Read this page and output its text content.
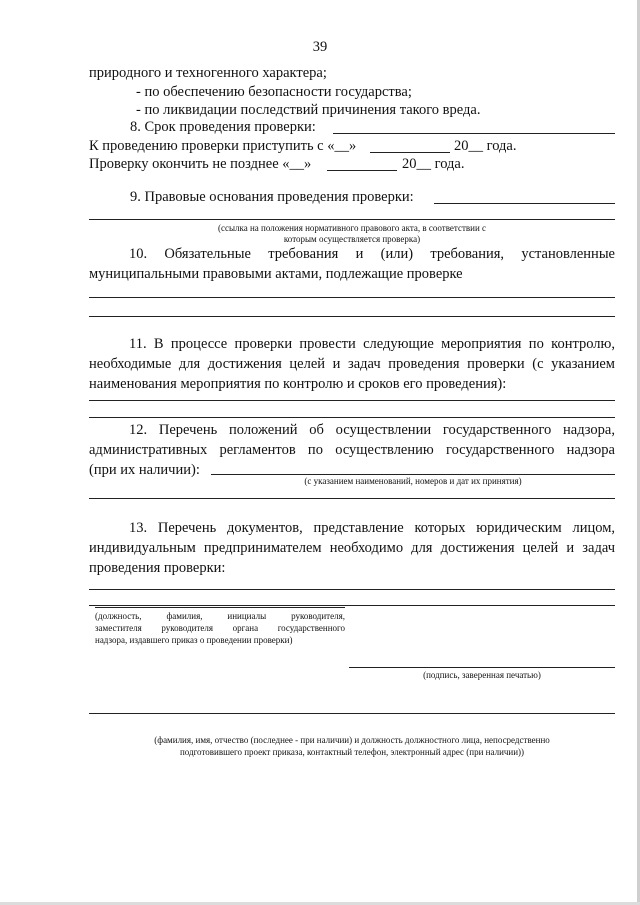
39
природного и техногенного характера;
- по обеспечению безопасности государства;
- по ликвидации последствий причинения такого вреда.
8. Срок проведения проверки:
К проведению проверки приступить с «__»	20__ года.
Проверку окончить не позднее «__»	20__ года.
9. Правовые основания проведения проверки:
(ссылка на положения нормативного правового акта, в соответствии с
которым осуществляется проверка)
10. Обязательные требования и (или) требования, установленные
муниципальными правовыми актами, подлежащие проверке
11. В процессе проверки провести следующие мероприятия по контролю,
необходимые для достижения целей и задач проведения проверки (с указанием
наименования мероприятия по контролю и сроков его проведения):
12. Перечень положений об осуществлении государственного надзора,
административных регламентов по осуществлению государственного надзора
(при их наличии):
(с указанием наименований, номеров и дат их принятия)
13. Перечень документов, представление которых юридическим лицом,
индивидуальным предпринимателем необходимо для достижения целей и задач
проведения проверки:
(должность, фамилия, инициалы руководителя,
заместителя руководителя органа государственного
надзора, издавшего приказ о проведении проверки)
(подпись, заверенная печатью)
(фамилия, имя, отчество (последнее - при наличии) и должность должностного лица, непосредственно
подготовившего проект приказа, контактный телефон, электронный адрес (при наличии))
